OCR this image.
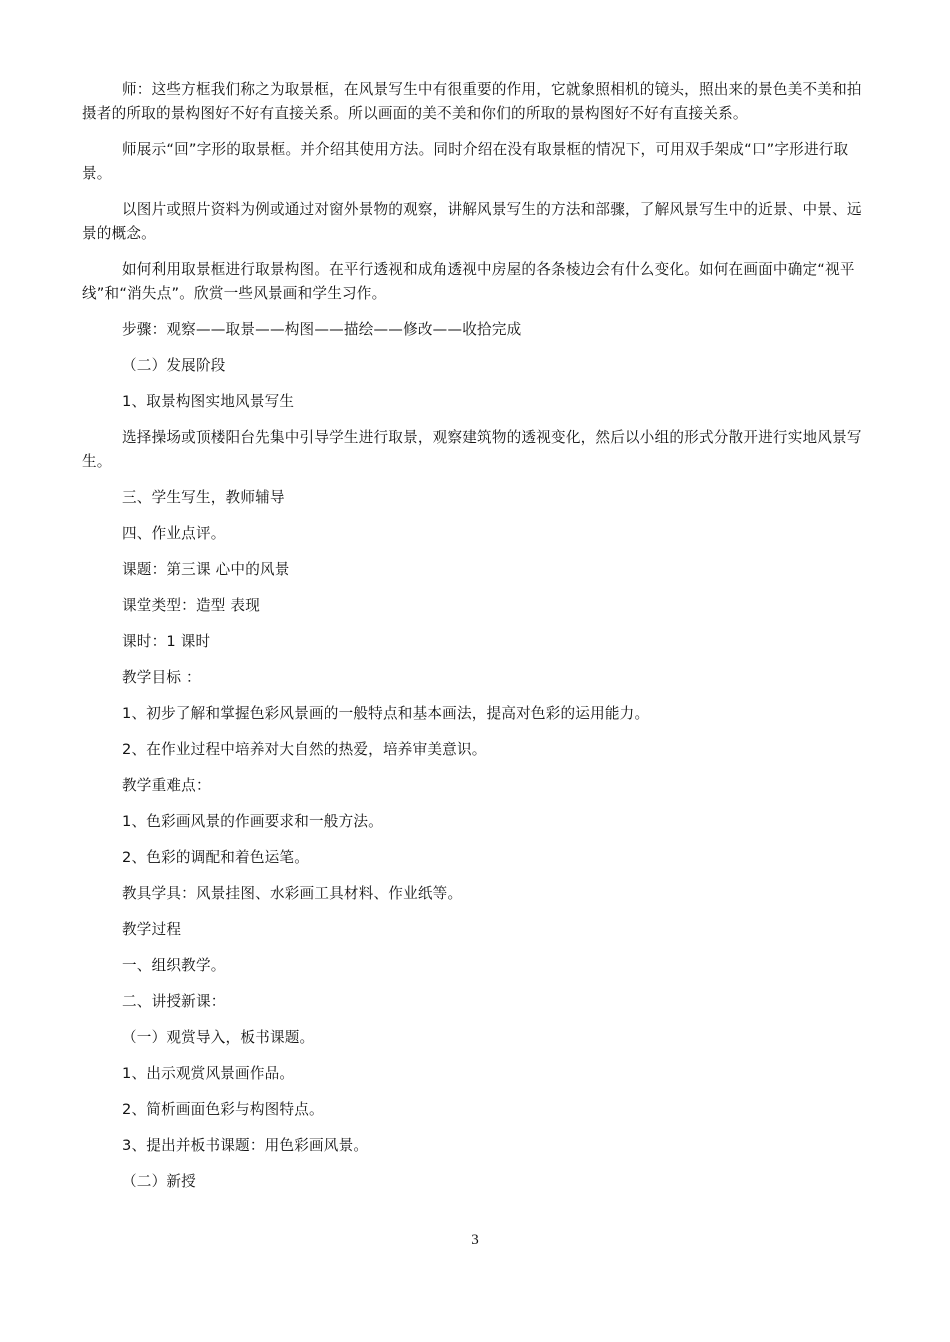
师：这些方框我们称之为取景框，在风景写生中有很重要的作用，它就象照相机的镜头，照出来的景色美不美和拍摄者的所取的景构图好不好有直接关系。所以画面的美不美和你们的所取的景构图好不好有直接关系。

师展示“回”字形的取景框。并介绍其使用方法。同时介绍在没有取景框的情况下，可用双手架成“口”字形进行取景。

以图片或照片资料为例或通过对窗外景物的观察，讲解风景写生的方法和部骤，了解风景写生中的近景、中景、远景的概念。

如何利用取景框进行取景构图。在平行透视和成角透视中房屋的各条棱边会有什么变化。如何在画面中确定“视平线”和“消失点”。欣赏一些风景画和学生习作。

步骤：观察——取景——构图——描绘——修改——收拾完成

（二）发展阶段

1、取景构图实地风景写生

选择操场或顶楼阳台先集中引导学生进行取景，观察建筑物的透视变化，然后以小组的形式分散开进行实地风景写生。

三、学生写生，教师辅导

四、作业点评。

课题：第三课 心中的风景

课堂类型：造型 表现

课时：1 课时

教学目标 ：

1、初步了解和掌握色彩风景画的一般特点和基本画法，提高对色彩的运用能力。

2、在作业过程中培养对大自然的热爱，培养审美意识。

教学重难点：

1、色彩画风景的作画要求和一般方法。

2、色彩的调配和着色运笔。

教具学具：风景挂图、水彩画工具材料、作业纸等。

教学过程

一、组织教学。

二、讲授新课：

（一）观赏导入，板书课题。

1、出示观赏风景画作品。

2、简析画面色彩与构图特点。

3、提出并板书课题：用色彩画风景。

（二）新授

3
